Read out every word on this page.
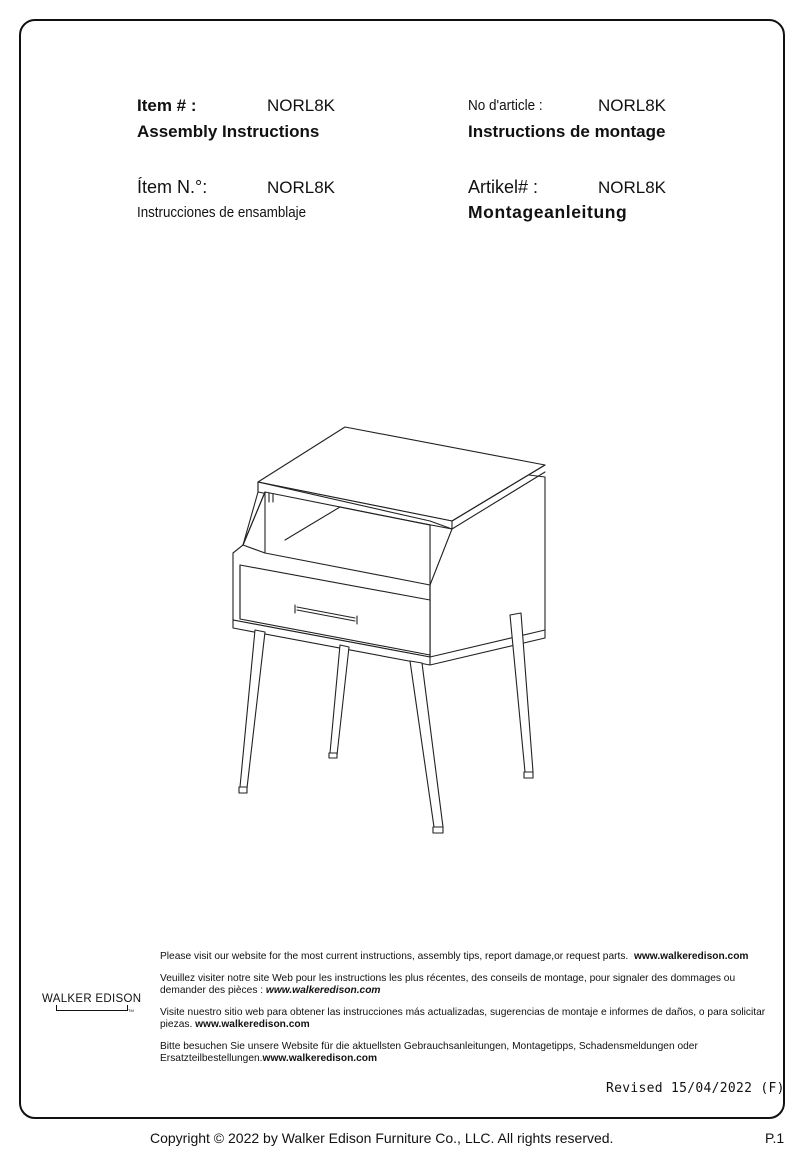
Item # :	NORL8K
Assembly Instructions
No d'article :	NORL8K
Instructions de montage
Ítem N.°:	NORL8K
Instrucciones de ensamblaje
Artikel# :	NORL8K
Montageanleitung

Please visit our website for the most current instructions, assembly tips, report damage,or request parts. www.walkeredison.com

Veuillez visiter notre site Web pour les instructions les plus récentes, des conseils de montage, pour signaler des dommages ou demander des pièces : www.walkeredison.com

Visite nuestro sitio web para obtener las instrucciones más actualizadas, sugerencias de montaje e informes de daños, o para solicitar piezas. www.walkeredison.com

Bitte besuchen Sie unsere Website für die aktuellsten Gebrauchsanleitungen, Montagetipps, Schadensmeldungen oder Ersatzteilbestellungen.www.walkeredison.com

WALKER EDISON
TM
Revised 15/04/2022 (F)
Copyright © 2022 by Walker Edison Furniture Co., LLC. All rights reserved.	P.1
